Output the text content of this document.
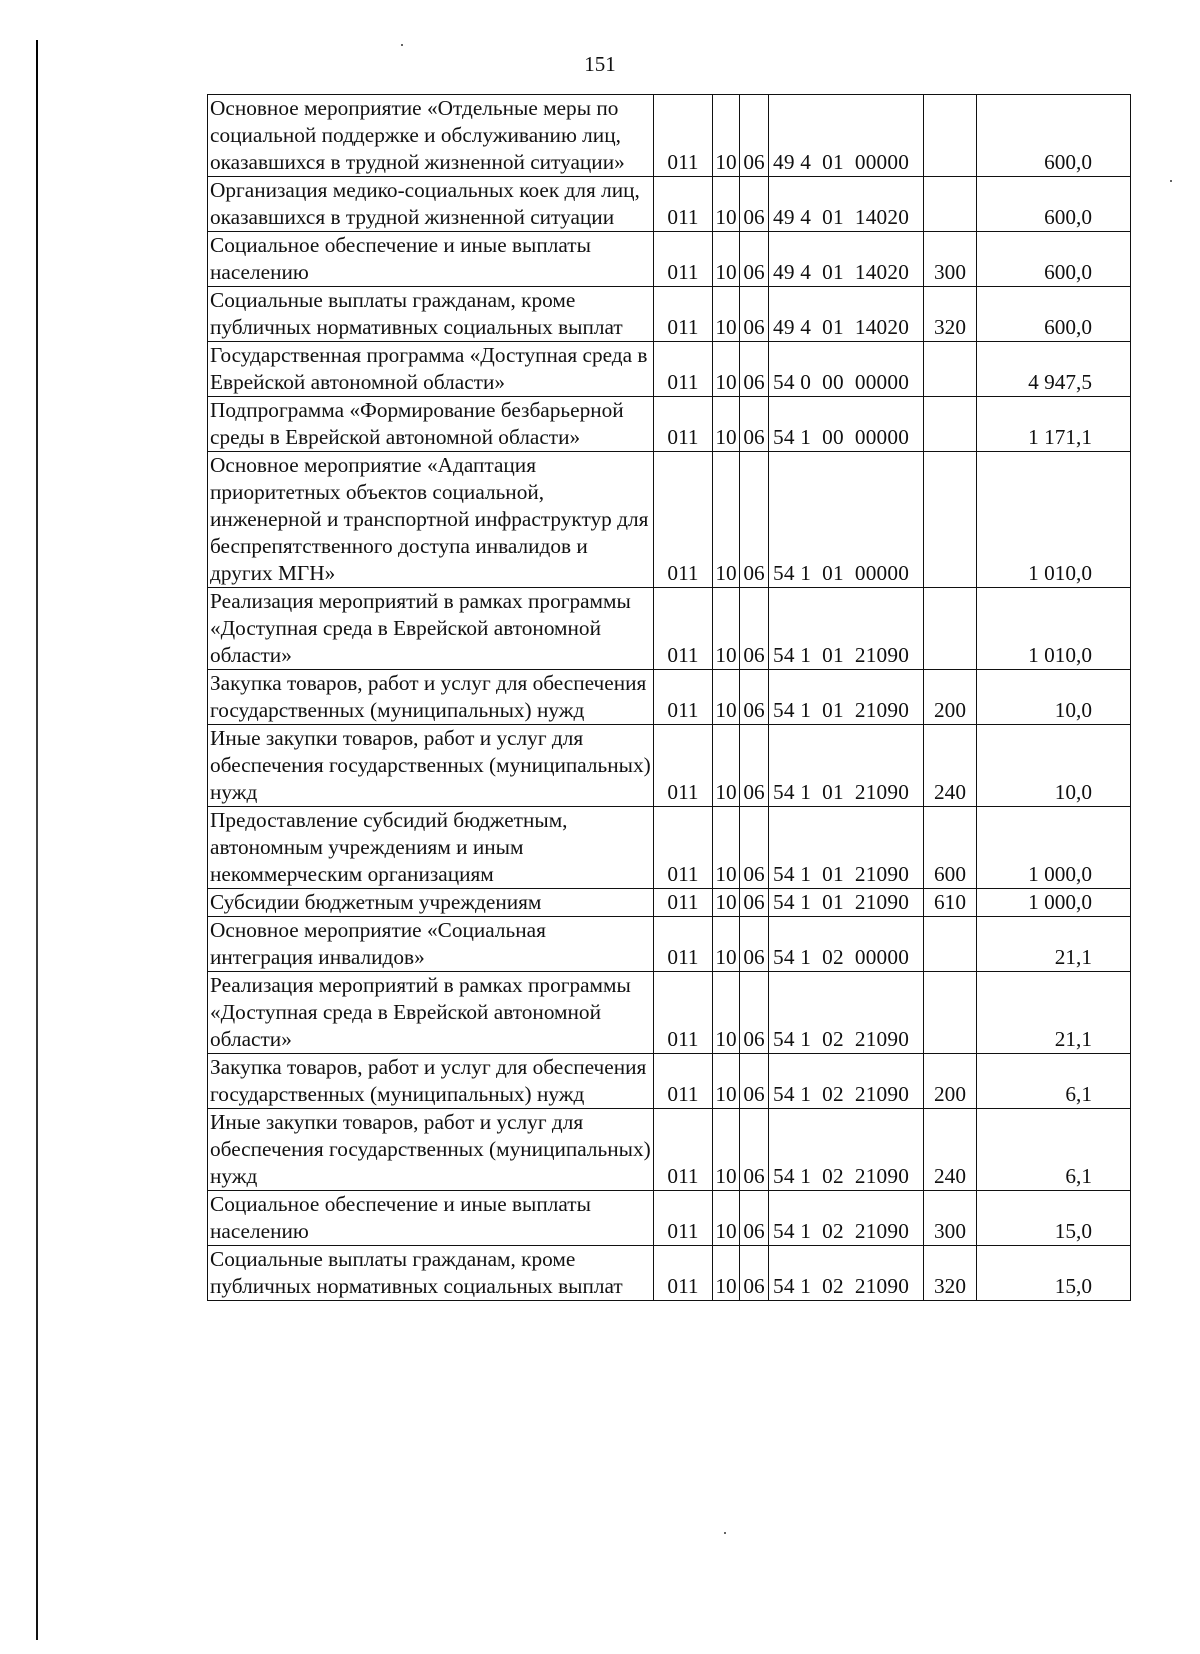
151
Основное мероприятие «Отдельные меры по социальной поддержке и обслуживанию лиц, оказавшихся в трудной жизненной ситуации»	011	10	06	49 4  01  00000		600,0
Организация медико-социальных коек для лиц, оказавшихся в трудной жизненной ситуации	011	10	06	49 4  01  14020		600,0
Социальное обеспечение и иные выплаты населению	011	10	06	49 4  01  14020	300	600,0
Социальные выплаты гражданам, кроме публичных нормативных социальных выплат	011	10	06	49 4  01  14020	320	600,0
Государственная программа «Доступная среда в Еврейской автономной области»	011	10	06	54 0  00  00000		4 947,5
Подпрограмма «Формирование безбарьерной среды в Еврейской автономной области»	011	10	06	54 1  00  00000		1 171,1
Основное мероприятие «Адаптация приоритетных объектов социальной, инженерной и транспортной инфраструктур для беспрепятственного доступа инвалидов и других МГН»	011	10	06	54 1  01  00000		1 010,0
Реализация мероприятий в рамках программы «Доступная среда в Еврейской автономной области»	011	10	06	54 1  01  21090		1 010,0
Закупка товаров, работ и услуг для обеспечения государственных (муниципальных) нужд	011	10	06	54 1  01  21090	200	10,0
Иные закупки товаров, работ и услуг для обеспечения государственных (муниципальных) нужд	011	10	06	54 1  01  21090	240	10,0
Предоставление субсидий бюджетным, автономным учреждениям и иным некоммерческим организациям	011	10	06	54 1  01  21090	600	1 000,0
Субсидии бюджетным учреждениям	011	10	06	54 1  01  21090	610	1 000,0
Основное мероприятие «Социальная интеграция инвалидов»	011	10	06	54 1  02  00000		21,1
Реализация мероприятий в рамках программы «Доступная среда в Еврейской автономной области»	011	10	06	54 1  02  21090		21,1
Закупка товаров, работ и услуг для обеспечения государственных (муниципальных) нужд	011	10	06	54 1  02  21090	200	6,1
Иные закупки товаров, работ и услуг для обеспечения государственных (муниципальных) нужд	011	10	06	54 1  02  21090	240	6,1
Социальное обеспечение и иные выплаты населению	011	10	06	54 1  02  21090	300	15,0
Социальные выплаты гражданам, кроме публичных нормативных социальных выплат	011	10	06	54 1  02  21090	320	15,0
